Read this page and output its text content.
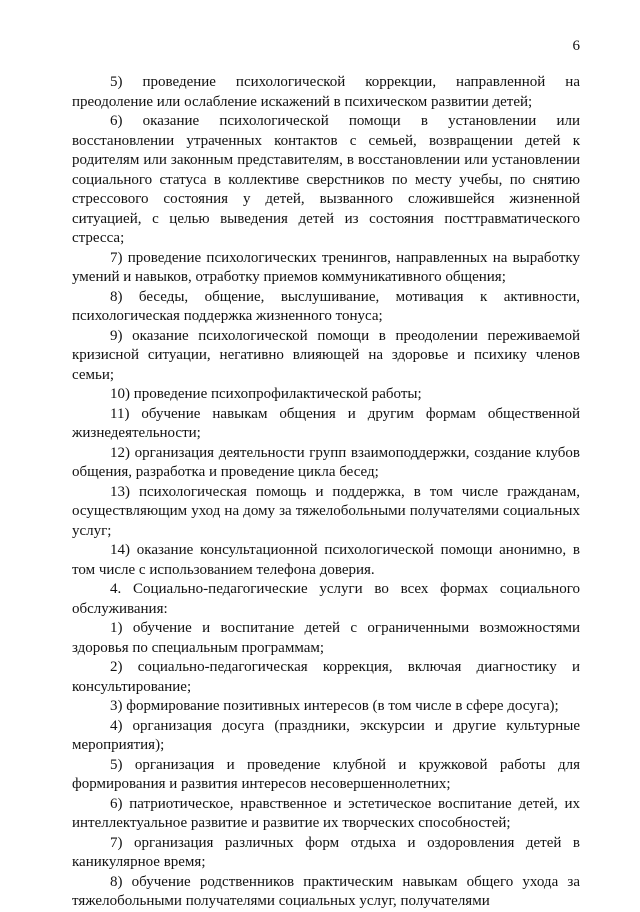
6

5) проведение психологической коррекции, направленной на преодоление или ослабление искажений в психическом развитии детей;

6) оказание психологической помощи в установлении или восстановлении утраченных контактов с семьей, возвращении детей к родителям или законным представителям, в восстановлении или установлении социального статуса в коллективе сверстников по месту учебы, по снятию стрессового состояния у детей, вызванного сложившейся жизненной ситуацией, с целью выведения детей из состояния посттравматического стресса;

7) проведение психологических тренингов, направленных на выработку умений и навыков, отработку приемов коммуникативного общения;

8) беседы, общение, выслушивание, мотивация к активности, психологическая поддержка жизненного тонуса;

9) оказание психологической помощи в преодолении переживаемой кризисной ситуации, негативно влияющей на здоровье и психику членов семьи;

10) проведение психопрофилактической работы;

11) обучение навыкам общения и другим формам общественной жизнедеятельности;

12) организация деятельности групп взаимоподдержки, создание клубов общения, разработка и проведение цикла бесед;

13) психологическая помощь и поддержка, в том числе гражданам, осуществляющим уход на дому за тяжелобольными получателями социальных услуг;

14) оказание консультационной психологической помощи анонимно, в том числе с использованием телефона доверия.

4. Социально-педагогические услуги во всех формах социального обслуживания:

1) обучение и воспитание детей с ограниченными возможностями здоровья по специальным программам;

2) социально-педагогическая коррекция, включая диагностику и консультирование;

3) формирование позитивных интересов (в том числе в сфере досуга);

4) организация досуга (праздники, экскурсии и другие культурные мероприятия);

5) организация и проведение клубной и кружковой работы для формирования и развития интересов несовершеннолетних;

6) патриотическое, нравственное и эстетическое воспитание детей, их интеллектуальное развитие и развитие их творческих способностей;

7) организация различных форм отдыха и оздоровления детей в каникулярное время;

8) обучение родственников практическим навыкам общего ухода за тяжелобольными получателями социальных услуг, получателями
